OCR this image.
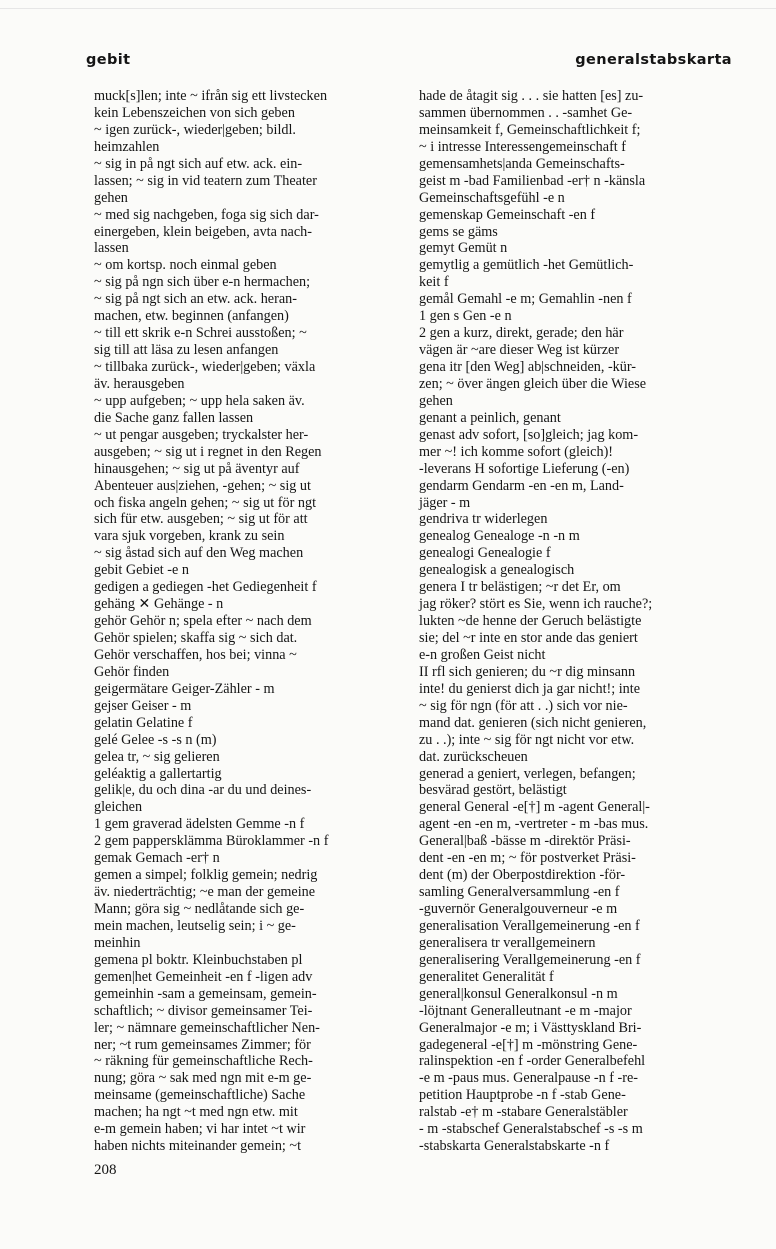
gebit	generalstabskarta
muck[s]len; inte ~ ifrån sig ett livstecken
kein Lebenszeichen von sich geben
~ igen zurück-, wieder|geben; bildl.
heimzahlen
~ sig in på ngt sich auf etw. ack. ein-
lassen; ~ sig in vid teatern zum Theater
gehen
~ med sig nachgeben, foga sig sich dar-
einergeben, klein beigeben, avta nach-
lassen
~ om kortsp. noch einmal geben
~ sig på ngn sich über e-n hermachen;
~ sig på ngt sich an etw. ack. heran-
machen, etw. beginnen (anfangen)
~ till ett skrik e-n Schrei ausstoßen; ~
sig till att läsa zu lesen anfangen
~ tillbaka zurück-, wieder|geben; växla
äv. herausgeben
~ upp aufgeben; ~ upp hela saken äv.
die Sache ganz fallen lassen
~ ut pengar ausgeben; tryckalster her-
ausgeben; ~ sig ut i regnet in den Regen
hinausgehen; ~ sig ut på äventyr auf
Abenteuer aus|ziehen, -gehen; ~ sig ut
och fiska angeln gehen; ~ sig ut för ngt
sich für etw. ausgeben; ~ sig ut för att
vara sjuk vorgeben, krank zu sein
~ sig åstad sich auf den Weg machen
gebit Gebiet -e n
gedigen a gediegen -het Gediegenheit f
gehäng ✕ Gehänge - n
gehör Gehör n; spela efter ~ nach dem
Gehör spielen; skaffa sig ~ sich dat.
Gehör verschaffen, hos bei; vinna ~
Gehör finden
geigermätare Geiger-Zähler - m
gejser Geiser - m
gelatin Gelatine f
gelé Gelee -s -s n (m)
gelea tr, ~ sig gelieren
geléaktig a gallertartig
gelik|e, du och dina -ar du und deines-
gleichen
1 gem graverad ädelsten Gemme -n f
2 gem pappersklämma Büroklammer -n f
gemak Gemach -er† n
gemen a simpel; folklig gemein; nedrig
äv. niederträchtig; ~e man der gemeine
Mann; göra sig ~ nedlåtande sich ge-
mein machen, leutselig sein; i ~ ge-
meinhin
gemena pl boktr. Kleinbuchstaben pl
gemen|het Gemeinheit -en f -ligen adv
gemeinhin -sam a gemeinsam, gemein-
schaftlich; ~ divisor gemeinsamer Tei-
ler; ~ nämnare gemeinschaftlicher Nen-
ner; ~t rum gemeinsames Zimmer; för
~ räkning für gemeinschaftliche Rech-
nung; göra ~ sak med ngn mit e-m ge-
meinsame (gemeinschaftliche) Sache
machen; ha ngt ~t med ngn etw. mit
e-m gemein haben; vi har intet ~t wir
haben nichts miteinander gemein; ~t
hade de åtagit sig . . . sie hatten [es] zu-
sammen übernommen . . -samhet Ge-
meinsamkeit f, Gemeinschaftlichkeit f;
~ i intresse Interessengemeinschaft f
gemensamhets|anda Gemeinschafts-
geist m -bad Familienbad -er† n -känsla
Gemeinschaftsgefühl -e n
gemenskap Gemeinschaft -en f
gems se gäms
gemyt Gemüt n
gemytlig a gemütlich -het Gemütlich-
keit f
gemål Gemahl -e m; Gemahlin -nen f
1 gen s Gen -e n
2 gen a kurz, direkt, gerade; den här
vägen är ~are dieser Weg ist kürzer
gena itr [den Weg] ab|schneiden, -kür-
zen; ~ över ängen gleich über die Wiese
gehen
genant a peinlich, genant
genast adv sofort, [so]gleich; jag kom-
mer ~! ich komme sofort (gleich)!
-leverans H sofortige Lieferung (-en)
gendarm Gendarm -en -en m, Land-
jäger - m
gendriva tr widerlegen
genealog Genealoge -n -n m
genealogi Genealogie f
genealogisk a genealogisch
genera I tr belästigen; ~r det Er, om
jag röker? stört es Sie, wenn ich rauche?;
lukten ~de henne der Geruch belästigte
sie; del ~r inte en stor ande das geniert
e-n großen Geist nicht
II rfl sich genieren; du ~r dig minsann
inte! du genierst dich ja gar nicht!; inte
~ sig för ngn (för att . .) sich vor nie-
mand dat. genieren (sich nicht genieren,
zu . .); inte ~ sig för ngt nicht vor etw.
dat. zurückscheuen
generad a geniert, verlegen, befangen;
besvärad gestört, belästigt
general General -e[†] m -agent General|-
agent -en -en m, -vertreter - m -bas mus.
General|baß -bässe m -direktör Präsi-
dent -en -en m; ~ för postverket Präsi-
dent (m) der Oberpostdirektion -för-
samling Generalversammlung -en f
-guvernör Generalgouverneur -e m
generalisation Verallgemeinerung -en f
generalisera tr verallgemeinern
generalisering Verallgemeinerung -en f
generalitet Generalität f
general|konsul Generalkonsul -n m
-löjtnant Generalleutnant -e m -major
Generalmajor -e m; i Västtyskland Bri-
gadegeneral -e[†] m -mönstring Gene-
ralinspektion -en f -order Generalbefehl
-e m -paus mus. Generalpause -n f -re-
petition Hauptprobe -n f -stab Gene-
ralstab -e† m -stabare Generalstäbler
- m -stabschef Generalstabschef -s -s m
-stabskarta Generalstabskarte -n f
208
